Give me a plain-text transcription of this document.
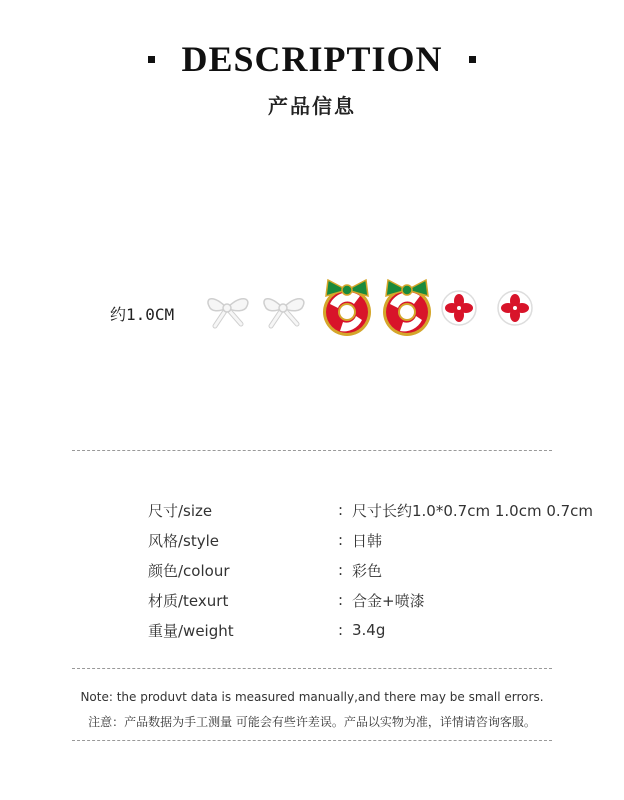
DESCRIPTION
产品信息
约1.0CM
尺寸/size	: 尺寸长约1.0*0.7cm 1.0cm 0.7cm
风格/style	: 日韩
颜色/colour	: 彩色
材质/texurt	: 合金+喷漆
重量/weight	: 3.4g
Note: the produvt data is measured manually,and there may be small errors.
注意：产品数据为手工测量 可能会有些许差误。产品以实物为准，详情请咨询客服。
